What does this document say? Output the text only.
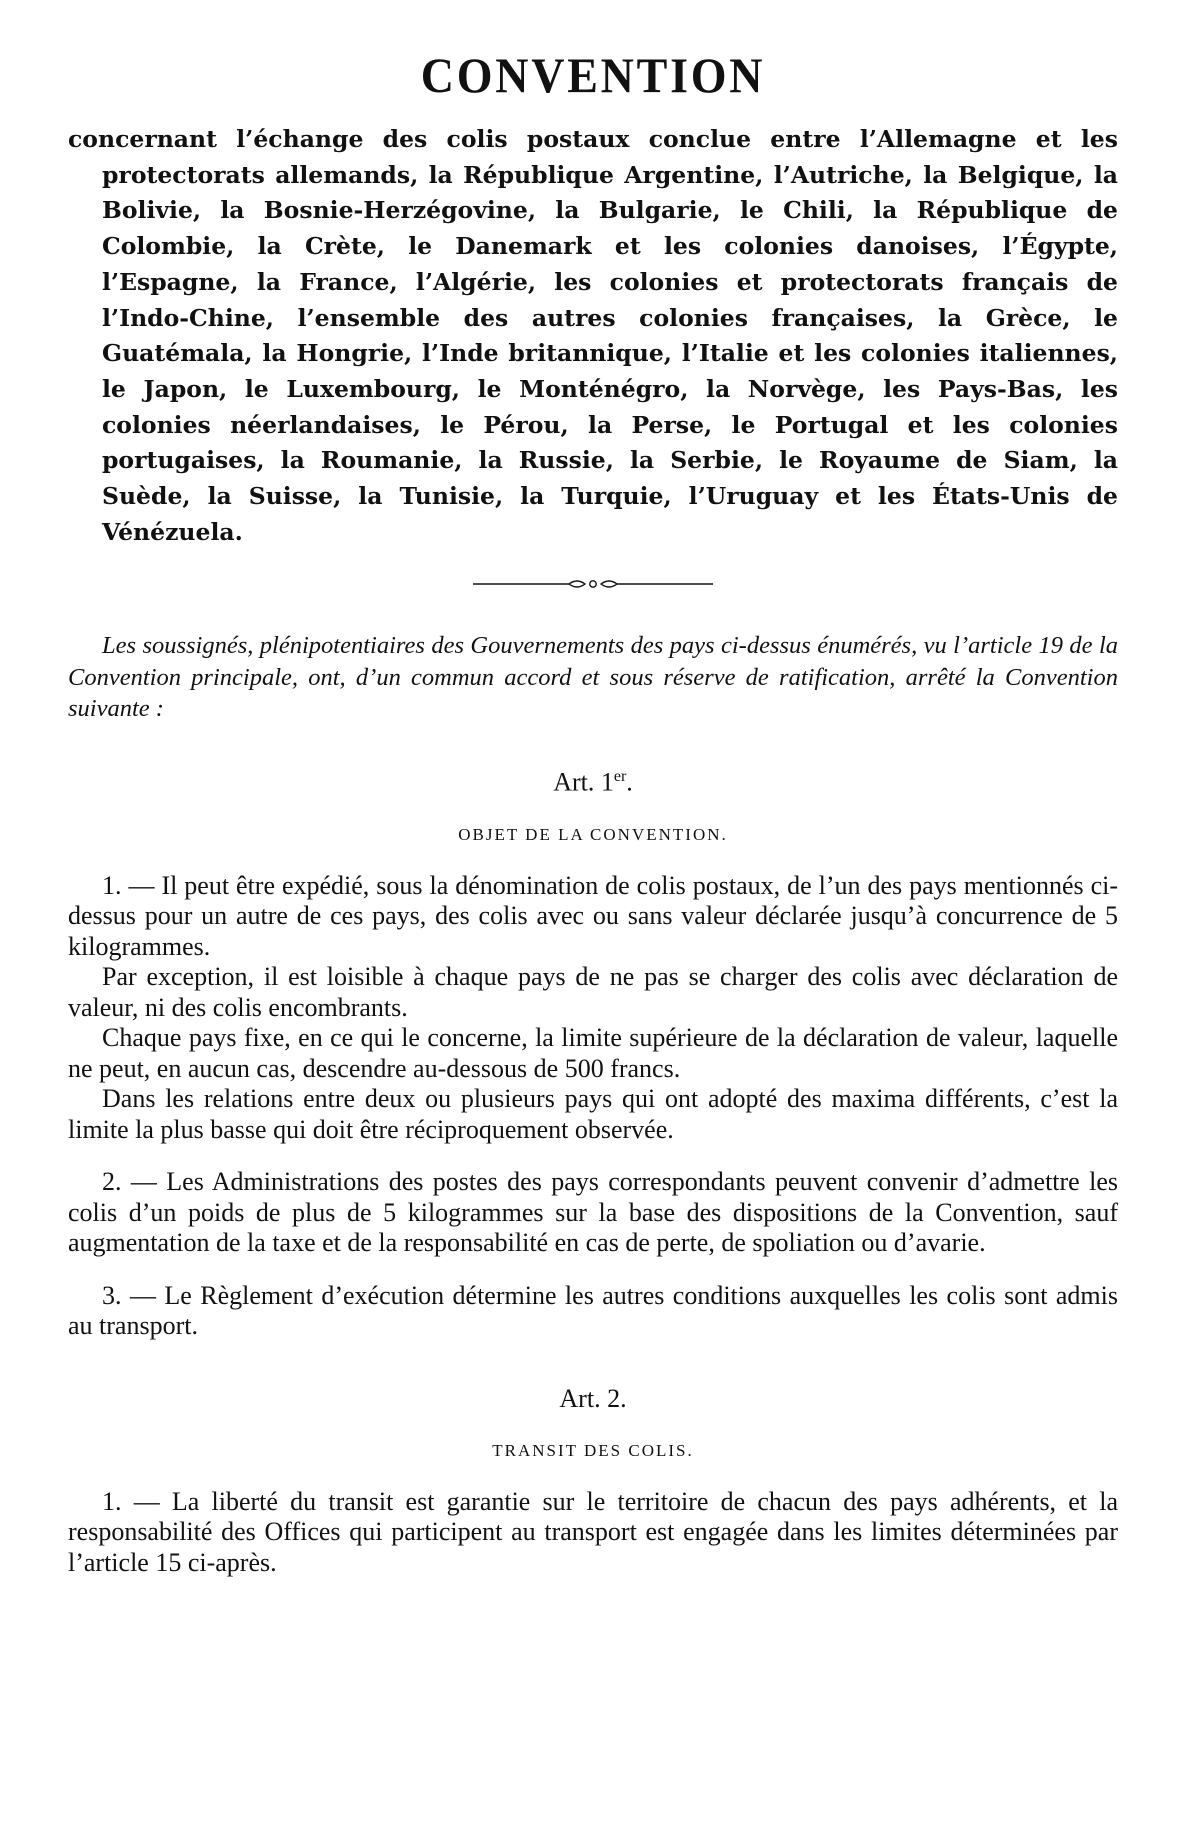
CONVENTION

concernant l’échange des colis postaux conclue entre l’Allemagne et les protectorats allemands, la République Argentine, l’Autriche, la Belgique, la Bolivie, la Bosnie-Herzégovine, la Bulgarie, le Chili, la République de Colombie, la Crète, le Danemark et les colonies danoises, l’Égypte, l’Espagne, la France, l’Algérie, les colonies et protectorats français de l’Indo-Chine, l’ensemble des autres colonies françaises, la Grèce, le Guatémala, la Hongrie, l’Inde britannique, l’Italie et les colonies italiennes, le Japon, le Luxembourg, le Monténégro, la Norvège, les Pays-Bas, les colonies néerlandaises, le Pérou, la Perse, le Portugal et les colonies portugaises, la Roumanie, la Russie, la Serbie, le Royaume de Siam, la Suède, la Suisse, la Tunisie, la Turquie, l’Uruguay et les États-Unis de Vénézuela.

Les soussignés, plénipotentiaires des Gouvernements des pays ci-dessus énumérés, vu l’article 19 de la Convention principale, ont, d’un commun accord et sous réserve de ratification, arrêté la Convention suivante :

Art. 1er.
OBJET DE LA CONVENTION.

1. — Il peut être expédié, sous la dénomination de colis postaux, de l’un des pays mentionnés ci-dessus pour un autre de ces pays, des colis avec ou sans valeur déclarée jusqu’à concurrence de 5 kilogrammes.

Par exception, il est loisible à chaque pays de ne pas se charger des colis avec déclaration de valeur, ni des colis encombrants.

Chaque pays fixe, en ce qui le concerne, la limite supérieure de la déclaration de valeur, laquelle ne peut, en aucun cas, descendre au-dessous de 500 francs.

Dans les relations entre deux ou plusieurs pays qui ont adopté des maxima différents, c’est la limite la plus basse qui doit être réciproquement observée.

2. — Les Administrations des postes des pays correspondants peuvent convenir d’admettre les colis d’un poids de plus de 5 kilogrammes sur la base des dispositions de la Convention, sauf augmentation de la taxe et de la responsabilité en cas de perte, de spoliation ou d’avarie.

3. — Le Règlement d’exécution détermine les autres conditions auxquelles les colis sont admis au transport.

Art. 2.
TRANSIT DES COLIS.

1. — La liberté du transit est garantie sur le territoire de chacun des pays adhérents, et la responsabilité des Offices qui participent au transport est engagée dans les limites déterminées par l’article 15 ci-après.
